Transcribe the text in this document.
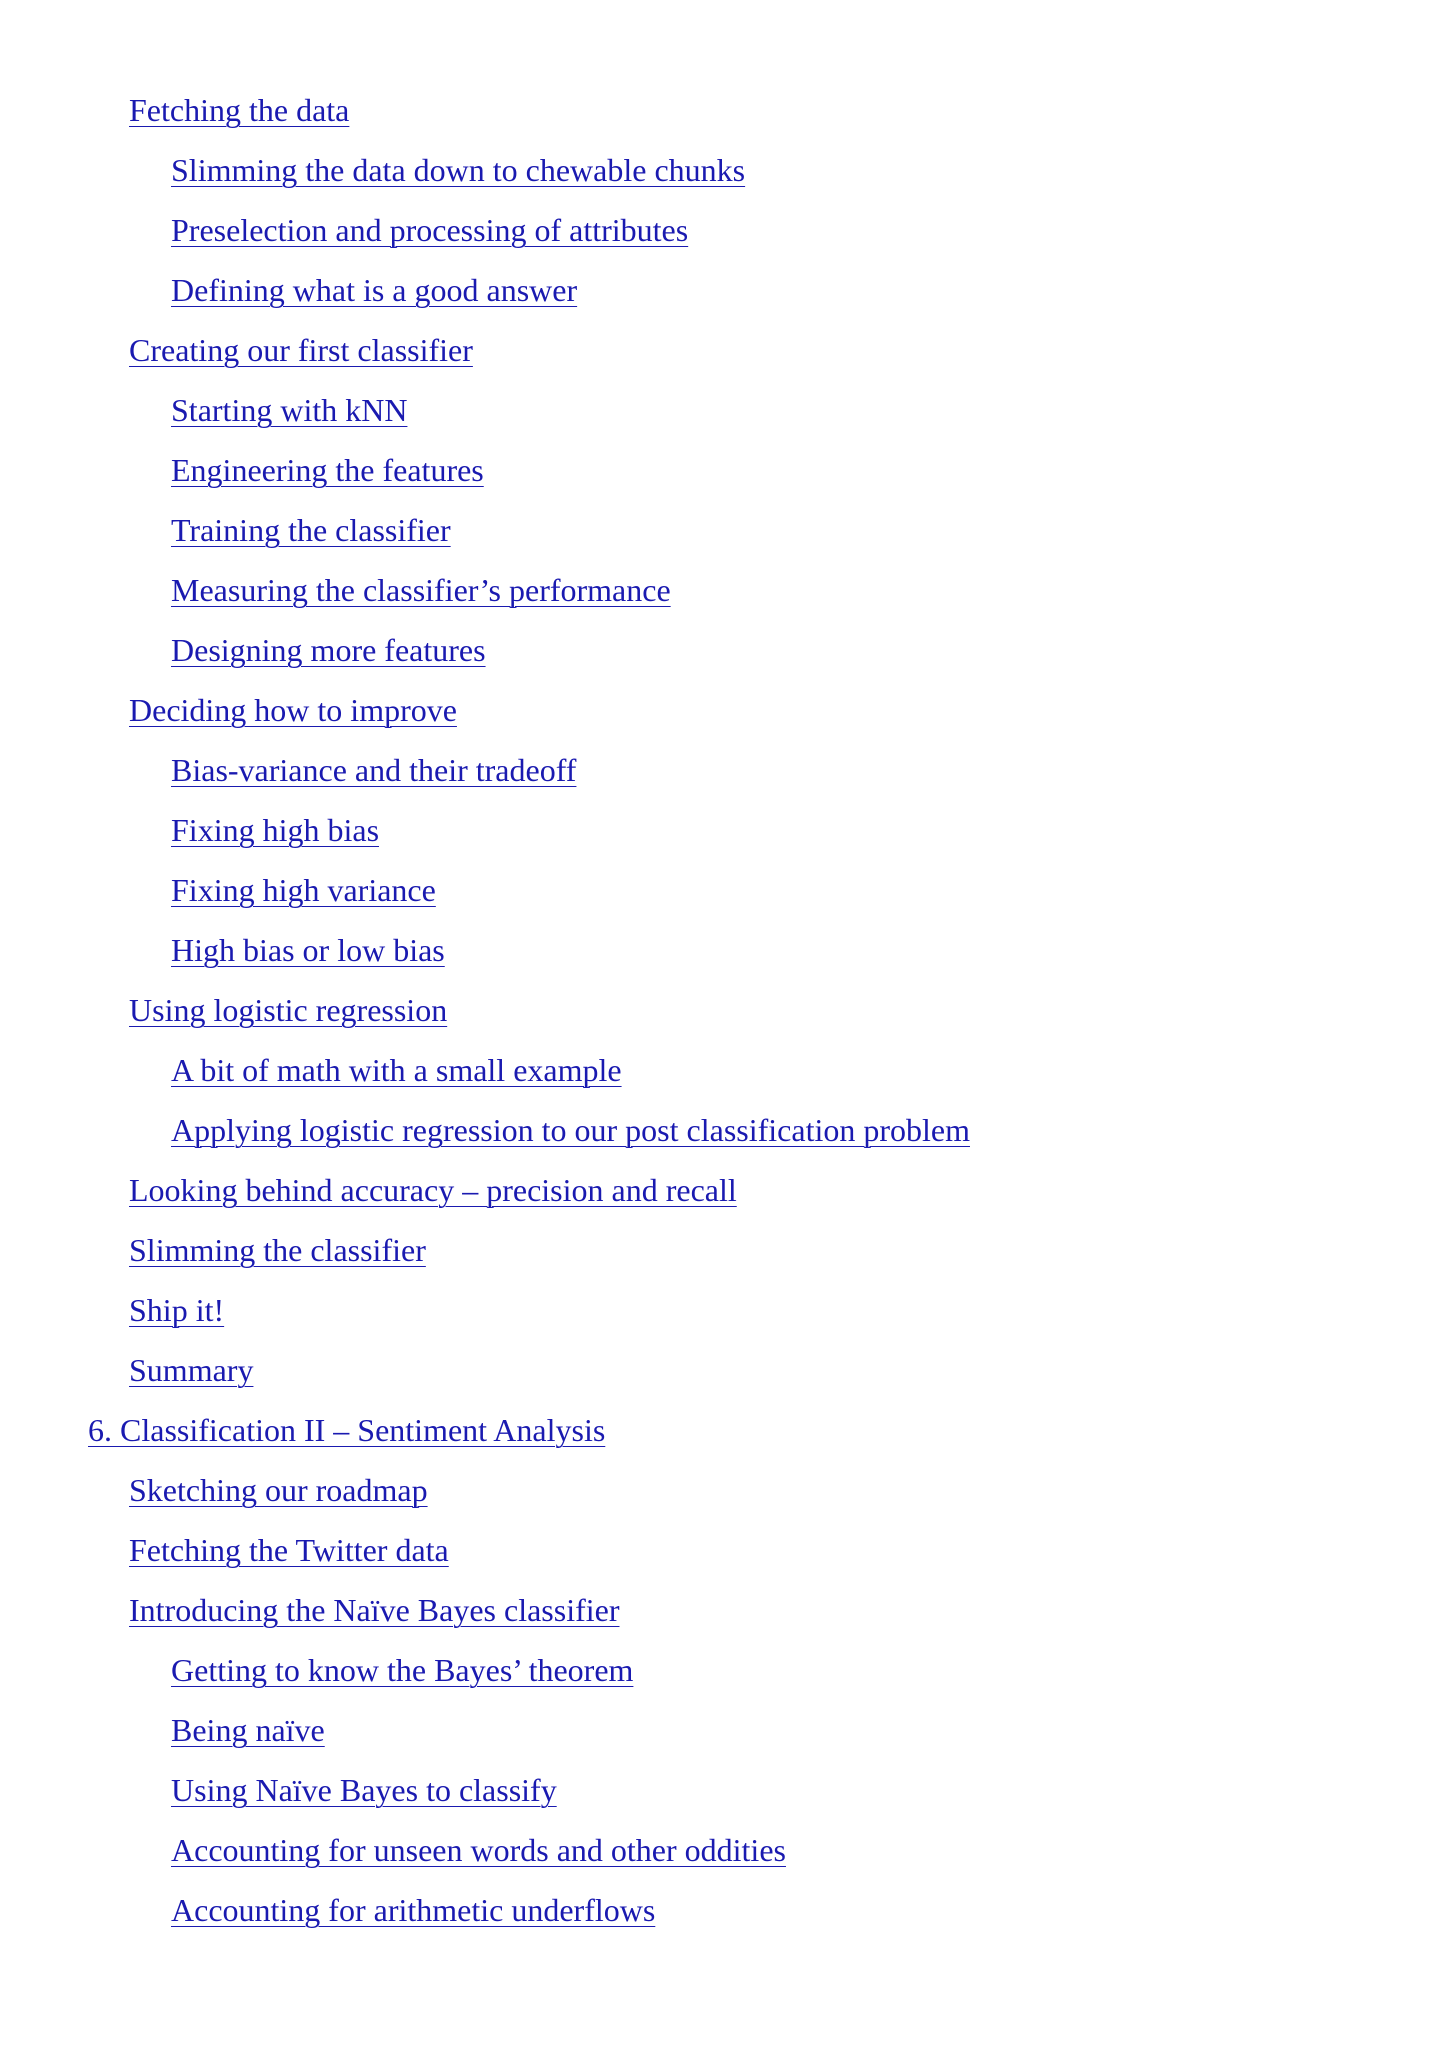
Fetching the data
Slimming the data down to chewable chunks
Preselection and processing of attributes
Defining what is a good answer
Creating our first classifier
Starting with kNN
Engineering the features
Training the classifier
Measuring the classifier’s performance
Designing more features
Deciding how to improve
Bias-variance and their tradeoff
Fixing high bias
Fixing high variance
High bias or low bias
Using logistic regression
A bit of math with a small example
Applying logistic regression to our post classification problem
Looking behind accuracy – precision and recall
Slimming the classifier
Ship it!
Summary
6. Classification II – Sentiment Analysis
Sketching our roadmap
Fetching the Twitter data
Introducing the Naïve Bayes classifier
Getting to know the Bayes’ theorem
Being naïve
Using Naïve Bayes to classify
Accounting for unseen words and other oddities
Accounting for arithmetic underflows
